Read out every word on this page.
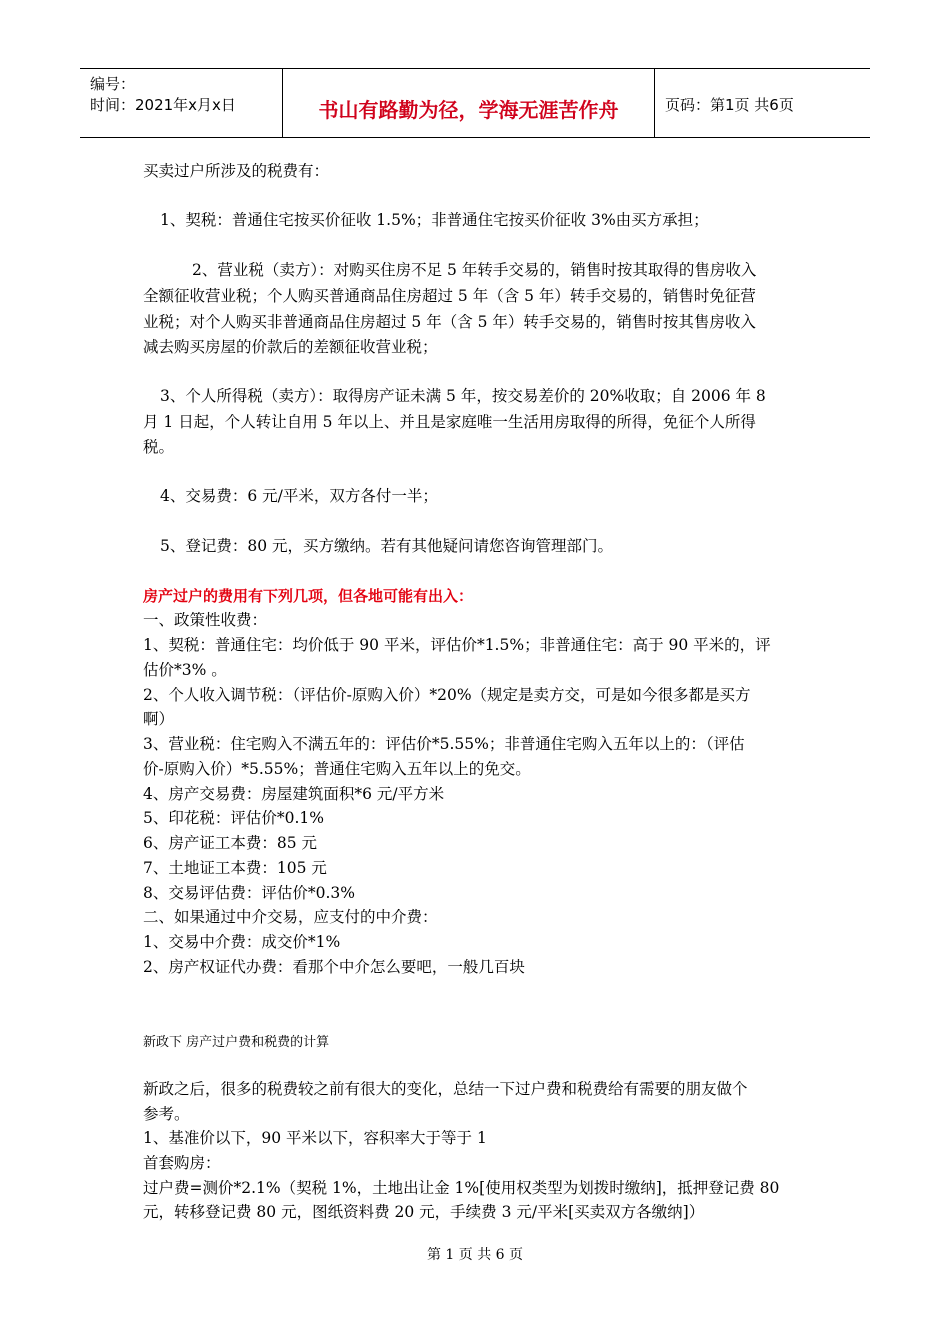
编号：
时间：2021年x月x日	书山有路勤为径，学海无涯苦作舟	页码：第1页 共6页
买卖过户所涉及的税费有：
1、契税：普通住宅按买价征收 1.5%；非普通住宅按买价征收 3%由买方承担；
2、营业税（卖方）：对购买住房不足 5 年转手交易的，销售时按其取得的售房收入
全额征收营业税；个人购买普通商品住房超过 5 年（含 5 年）转手交易的，销售时免征营
业税；对个人购买非普通商品住房超过 5 年（含 5 年）转手交易的，销售时按其售房收入
减去购买房屋的价款后的差额征收营业税；
3、个人所得税（卖方）：取得房产证未满 5 年，按交易差价的 20%收取；自 2006 年 8
月 1 日起，个人转让自用 5 年以上、并且是家庭唯一生活用房取得的所得，免征个人所得
税。
4、交易费：6 元/平米，双方各付一半；
5、登记费：80 元，买方缴纳。若有其他疑问请您咨询管理部门。
房产过户的费用有下列几项，但各地可能有出入：
一、政策性收费：
1、契税：普通住宅：均价低于 90 平米，评估价*1.5%；非普通住宅：高于 90 平米的，评
估价*3% 。
2、个人收入调节税：（评估价-原购入价）*20%（规定是卖方交，可是如今很多都是买方
啊）
3、营业税：住宅购入不满五年的：评估价*5.55%；非普通住宅购入五年以上的：（评估
价-原购入价）*5.55%；普通住宅购入五年以上的免交。
4、房产交易费：房屋建筑面积*6 元/平方米
5、印花税：评估价*0.1%
6、房产证工本费：85 元
7、土地证工本费：105 元
8、交易评估费：评估价*0.3%
二、如果通过中介交易，应支付的中介费：
1、交易中介费：成交价*1%
2、房产权证代办费：看那个中介怎么要吧，一般几百块
新政下 房产过户费和税费的计算
新政之后，很多的税费较之前有很大的变化，总结一下过户费和税费给有需要的朋友做个
参考。
1、基准价以下，90 平米以下，容积率大于等于 1
首套购房：
过户费=测价*2.1%（契税 1%，土地出让金 1%[使用权类型为划拨时缴纳]，抵押登记费 80
元，转移登记费 80 元，图纸资料费 20 元，手续费 3 元/平米[买卖双方各缴纳]）
第 1 页 共 6 页
